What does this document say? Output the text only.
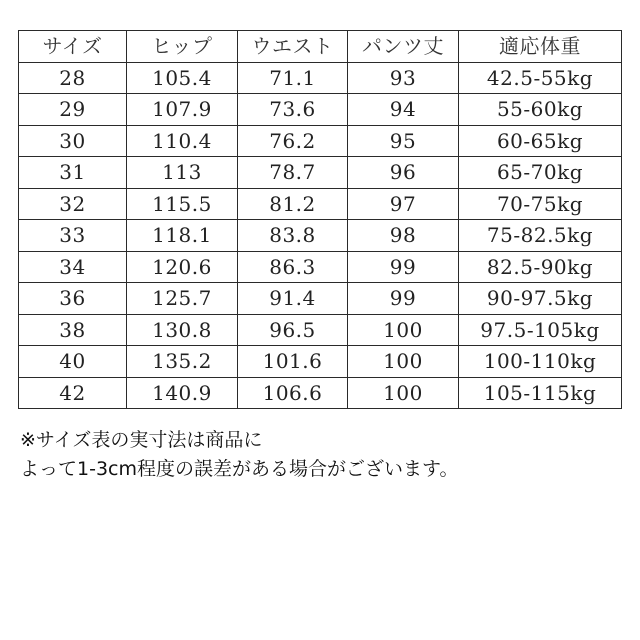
サイズ	ヒップ	ウエスト	パンツ丈	適応体重
28	105.4	71.1	93	42.5-55kg
29	107.9	73.6	94	55-60kg
30	110.4	76.2	95	60-65kg
31	113	78.7	96	65-70kg
32	115.5	81.2	97	70-75kg
33	118.1	83.8	98	75-82.5kg
34	120.6	86.3	99	82.5-90kg
36	125.7	91.4	99	90-97.5kg
38	130.8	96.5	100	97.5-105kg
40	135.2	101.6	100	100-110kg
42	140.9	106.6	100	105-115kg
※サイズ表の実寸法は商品に
よって1-3cm程度の誤差がある場合がございます。
